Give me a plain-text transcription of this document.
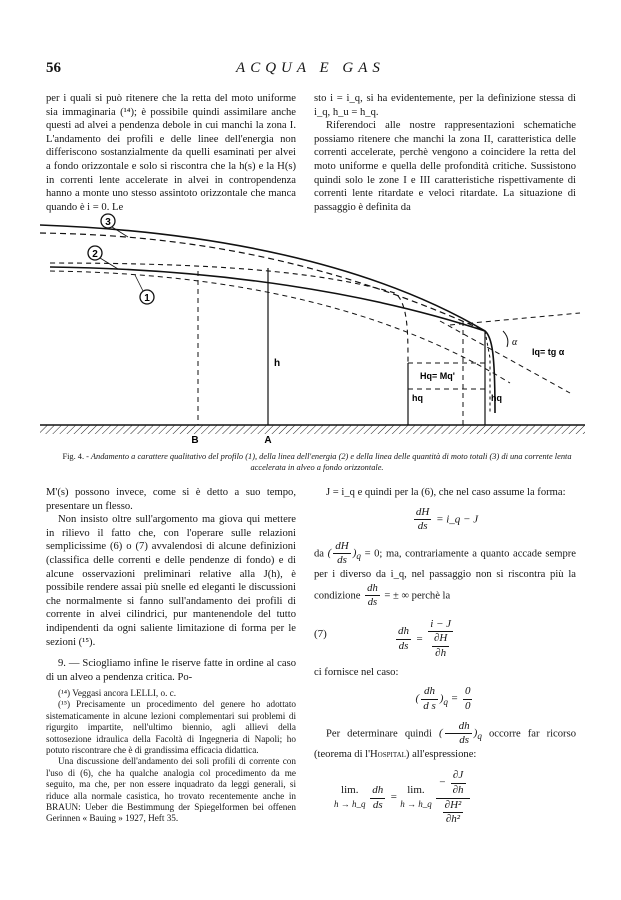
56	ACQUA E GAS

per i quali si può ritenere che la retta del moto uniforme sia immaginaria (¹⁴); è possibile quindi assimilare anche questi ad alvei a pendenza debole in cui manchi la zona I. L'andamento dei profili e delle linee dell'energia non differiscono sostanzialmente da quelli esaminati per alvei a fondo orizzontale e solo si riscontra che la h(s) e la H(s) in correnti lente accelerate in alvei in contropendenza hanno a monte uno stesso assintoto orizzontale che manca quando è i = 0. Le

sto i = i_q, si ha evidentemente, per la definizione stessa di i_q, h_u = h_q.

Riferendoci alle nostre rappresentazioni schematiche possiamo ritenere che manchi la zona II, caratteristica delle correnti accelerate, perchè vengono a coincidere la retta del moto uniforme e quella delle profondità critiche. Sussistono quindi solo le zone I e III caratteristiche rispettivamente di correnti lente ritardate e veloci ritardate. La situazione di passaggio è definita da

3
2
1
h
hq	hq
Hq= Mq'
α
Iq= tg α
B	A
Fig. 4. - Andamento a carattere qualitativo del profilo (1), della linea dell'energia (2) e della linea delle quantità di moto totali (3) di una corrente lenta accelerata in alveo a fondo orizzontale.

M'(s) possono invece, come si è detto a suo tempo, presentare un flesso.

Non insisto oltre sull'argomento ma giova qui mettere in rilievo il fatto che, con l'operare sulle relazioni semplicissime (6) o (7) avvalendosi di alcune definizioni (classifica delle correnti e delle pendenze di fondo) e di alcune osservazioni preliminari relative alla J(h), è possibile rendere assai più snelle ed eleganti le discussioni che normalmente si fanno sull'andamento dei profili di corrente in alvei cilindrici, pur mantenendole del tutto indipendenti da ogni saliente limitazione di forma per le sezioni (¹⁵).

9. — Sciogliamo infine le riserve fatte in ordine al caso di un alveo a pendenza critica. Po-

(¹⁴) Veggasi ancora LELLI, o. c.

(¹⁵) Precisamente un procedimento del genere ho adottato sistematicamente in alcune lezioni complementari sui problemi di rigurgito impartite, nell'ultimo biennio, agli allievi della sottosezione idraulica della Facoltà di Ingegneria di Napoli; ho potuto riscontrare che è di grandissima efficacia didattica.

Una discussione dell'andamento dei soli profili di corrente con l'uso di (6), che ha qualche analogia col procedimento da me seguito, ma che, per non essere inquadrato da leggi generali, si riduce alla normale casistica, ho trovato recentemente anche in BRAUN: Ueber die Bestimmung der Spiegelformen bei offenen Gerinnen « Bauing » 1927, Heft 35.

J = i_q e quindi per la (6), che nel caso assume la forma:

$\frac{dH}{ds}$ = i_q − J

da ( $\frac{dH}{ds} )_q = 0$; ma, contrariamente a quanto accade sempre per i diverso da i_q, nel passaggio non si riscontra più la condizione $\frac{dh}{ds}$ = ± ∞ perchè la

(7)	$\frac{dh}{ds} = \frac{i - J}{\frac{\partial H}{\partial h}}$

ci fornisce nel caso:

( $\frac{dh}{\text{d s}} )_q = \frac{0}{0}$

Per determinare quindi ( $\frac{dh}{ds} )_q$ occorre far ricorso (teorema di l'Hospital) all'espressione:

lim.
h → h_q $\frac{dh}{ds} = \lim$.
h → h_q $\frac{- \frac{\partial J}{\partial h}}{\frac{\text{∂H²}}{\text{∂h²}}}$
